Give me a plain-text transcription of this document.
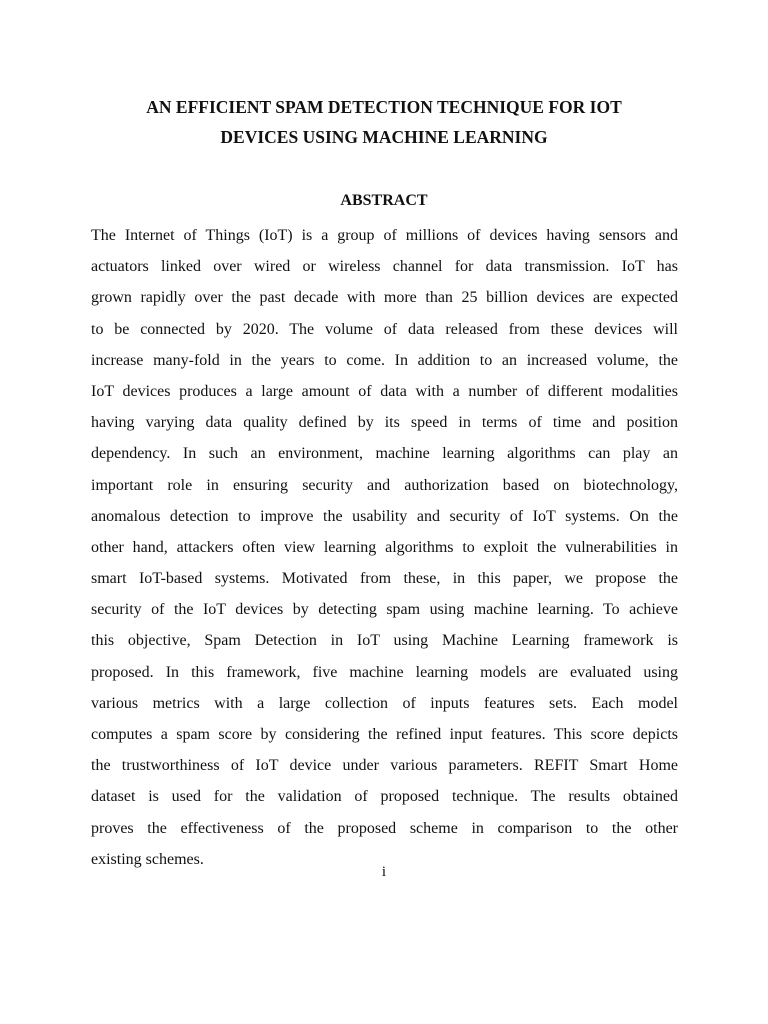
AN EFFICIENT SPAM DETECTION TECHNIQUE FOR IOT
DEVICES USING MACHINE LEARNING
ABSTRACT
The Internet of Things (IoT) is a group of millions of devices having sensors and
actuators linked over wired or wireless channel for data transmission. IoT has
grown rapidly over the past decade with more than 25 billion devices are expected
to be connected by 2020. The volume of data released from these devices will
increase many-fold in the years to come. In addition to an increased volume, the
IoT devices produces a large amount of data with a number of different modalities
having varying data quality defined by its speed in terms of time and position
dependency. In such an environment, machine learning algorithms can play an
important role in ensuring security and authorization based on biotechnology,
anomalous detection to improve the usability and security of IoT systems. On the
other hand, attackers often view learning algorithms to exploit the vulnerabilities in
smart IoT-based systems. Motivated from these, in this paper, we propose the
security of the IoT devices by detecting spam using machine learning. To achieve
this objective, Spam Detection in IoT using Machine Learning framework is
proposed. In this framework, five machine learning models are evaluated using
various metrics with a large collection of inputs features sets. Each model
computes a spam score by considering the refined input features. This score depicts
the trustworthiness of IoT device under various parameters. REFIT Smart Home
dataset is used for the validation of proposed technique. The results obtained
proves the effectiveness of the proposed scheme in comparison to the other
existing schemes.
i
